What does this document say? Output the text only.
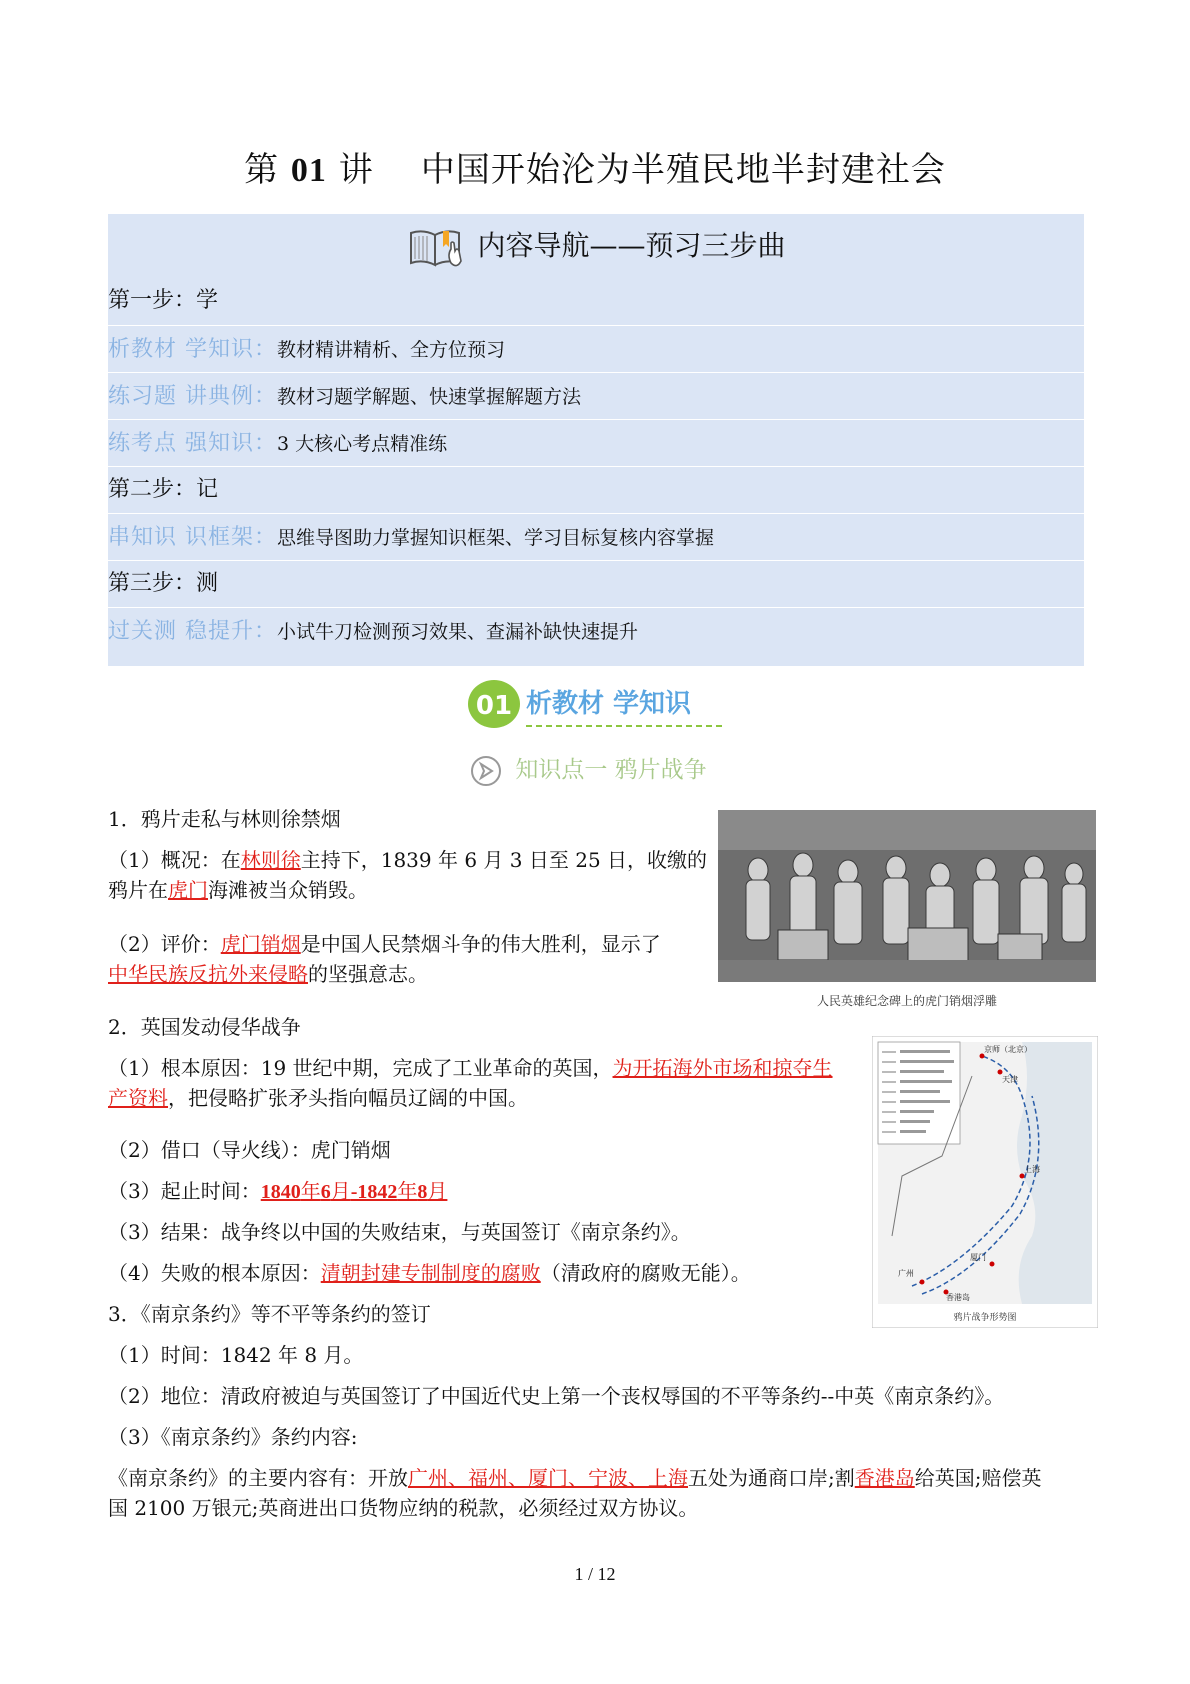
第 01 讲 中国开始沦为半殖民地半封建社会
内容导航——预习三步曲
第一步：学
析教材 学知识：教材精讲精析、全方位预习
练习题 讲典例：教材习题学解题、快速掌握解题方法
练考点 强知识：3 大核心考点精准练
第二步：记
串知识 识框架：思维导图助力掌握知识框架、学习目标复核内容掌握
第三步：测
过关测 稳提升：小试牛刀检测预习效果、查漏补缺快速提升
01 析教材 学知识
知识点一 鸦片战争
人民英雄纪念碑上的虎门销烟浮雕
京师（北京）
天津
上海
厦门
广州
香港岛
鸦片战争形势图
1．鸦片走私与林则徐禁烟
（1）概况：在林则徐主持下，1839 年 6 月 3 日至 25 日，收缴的
鸦片在虎门海滩被当众销毁。
（2）评价：虎门销烟是中国人民禁烟斗争的伟大胜利，显示了
中华民族反抗外来侵略的坚强意志。
2．英国发动侵华战争
（1）根本原因：19 世纪中期，完成了工业革命的英国，为开拓海外市场和掠夺生
产资料，把侵略扩张矛头指向幅员辽阔的中国。
（2）借口（导火线）：虎门销烟
（3）起止时间：1840年6月-1842年8月
（3）结果：战争终以中国的失败结束，与英国签订《南京条约》。
（4）失败的根本原因：清朝封建专制制度的腐败（清政府的腐败无能）。
3．《南京条约》等不平等条约的签订
（1）时间：1842 年 8 月。
（2）地位：清政府被迫与英国签订了中国近代史上第一个丧权辱国的不平等条约--中英《南京条约》。
（3）《南京条约》条约内容:
《南京条约》的主要内容有：开放广州、福州、厦门、宁波、上海五处为通商口岸;割香港岛给英国;赔偿英
国 2100 万银元;英商进出口货物应纳的税款，必须经过双方协议。
1 / 12
